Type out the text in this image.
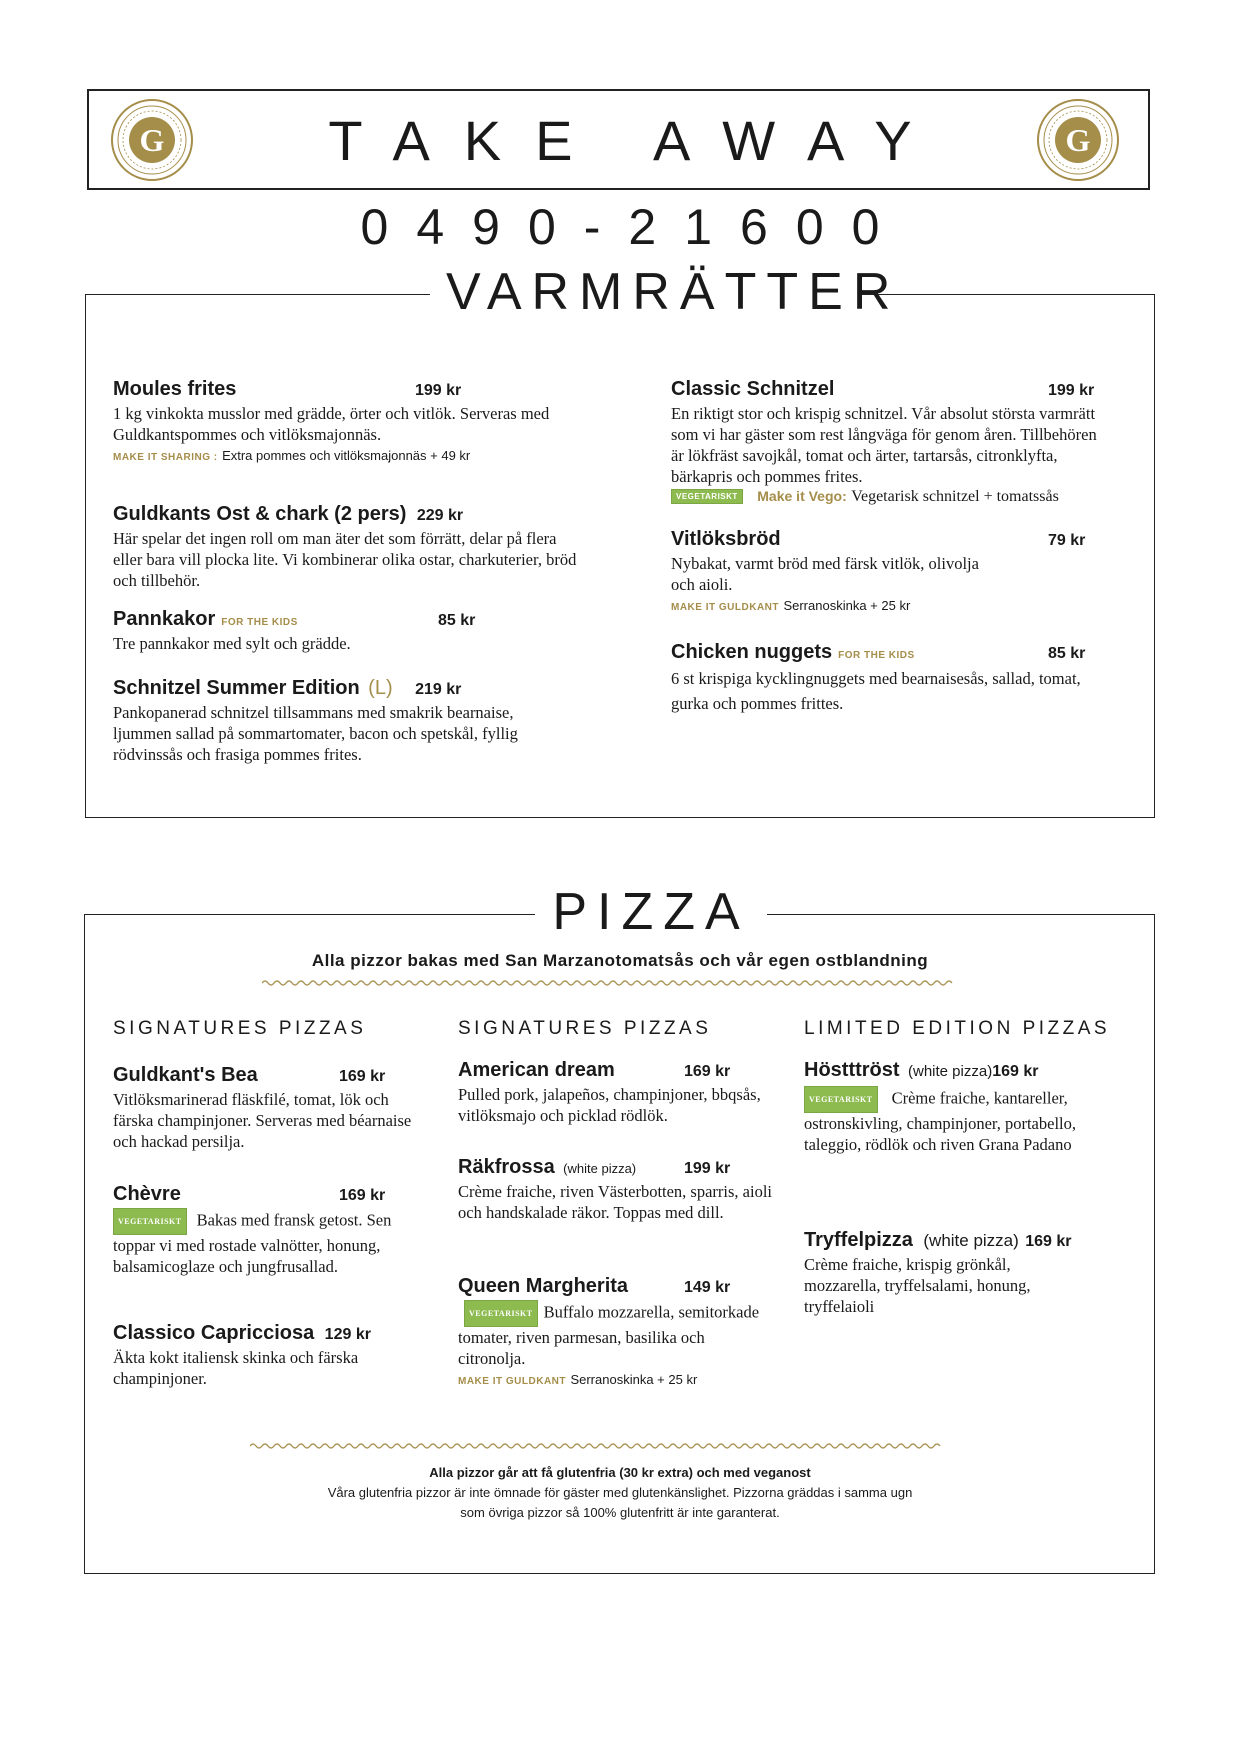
G	G
TAKE AWAY
0490-21600
VARMRÄTTER
Moules frites	199 kr
1 kg vinkokta musslor med grädde, örter och vitlök. Serveras med Guldkantspommes och vitlöksmajonnäs.
MAKE IT SHARING : Extra pommes och vitlöksmajonnäs + 49 kr
Guldkants Ost & chark (2 pers) 229 kr
Här spelar det ingen roll om man äter det som förrätt, delar på flera eller bara vill plocka lite. Vi kombinerar olika ostar, charkuterier, bröd och tillbehör.
Pannkakor FOR THE KIDS	85 kr
Tre pannkakor med sylt och grädde.
Schnitzel Summer Edition (L) 219 kr
Pankopanerad schnitzel tillsammans med smakrik bearnaise, ljummen sallad på sommartomater, bacon och spetskål, fyllig rödvinssås och frasiga pommes frites.
Classic Schnitzel	199 kr
En riktigt stor och krispig schnitzel. Vår absolut största varmrätt som vi har gäster som rest långväga för genom åren. Tillbehören är lökfräst savojkål, tomat och ärter, tartarsås, citronklyfta, bärkapris och pommes frites.
VEGETARISKT Make it Vego: Vegetarisk schnitzel + tomatssås
Vitlöksbröd	79 kr
Nybakat, varmt bröd med färsk vitlök, olivolja och aioli.
MAKE IT GULDKANT Serranoskinka + 25 kr
Chicken nuggets FOR THE KIDS	85 kr
6 st krispiga kycklingnuggets med bearnaisesås, sallad, tomat, gurka och pommes frittes.
PIZZA
Alla pizzor bakas med San Marzanotomatsås och vår egen ostblandning
SIGNATURES PIZZAS
Guldkant's Bea	169 kr
Vitlöksmarinerad fläskfilé, tomat, lök och färska champinjoner. Serveras med béarnaise och hackad persilja.
Chèvre	169 kr
VEGETARISKT Bakas med fransk getost. Sen toppar vi med rostade valnötter, honung, balsamicoglaze och jungfrusallad.
Classico Capricciosa 129 kr
Äkta kokt italiensk skinka och färska champinjoner.
SIGNATURES PIZZAS
American dream	169 kr
Pulled pork, jalapeños, champinjoner, bbqsås, vitlöksmajo och picklad rödlök.
Räkfrossa (white pizza)	199 kr
Crème fraiche, riven Västerbotten, sparris, aioli och handskalade räkor. Toppas med dill.
Queen Margherita	149 kr
VEGETARISKT Buffalo mozzarella, semitorkade tomater, riven parmesan, basilika och citronolja.
MAKE IT GULDKANT Serranoskinka + 25 kr
LIMITED EDITION PIZZAS
Höstttröst (white pizza)169 kr
VEGETARISKT Crème fraiche, kantareller, ostronskivling, champinjoner, portabello, taleggio, rödlök och riven Grana Padano
Tryffelpizza (white pizza) 169 kr
Crème fraiche, krispig grönkål, mozzarella, tryffelsalami, honung, tryffelaioli
Alla pizzor går att få glutenfria (30 kr extra) och med veganost
Våra glutenfria pizzor är inte ömnade för gäster med glutenkänslighet. Pizzorna gräddas i samma ugn som övriga pizzor så 100% glutenfritt är inte garanterat.
